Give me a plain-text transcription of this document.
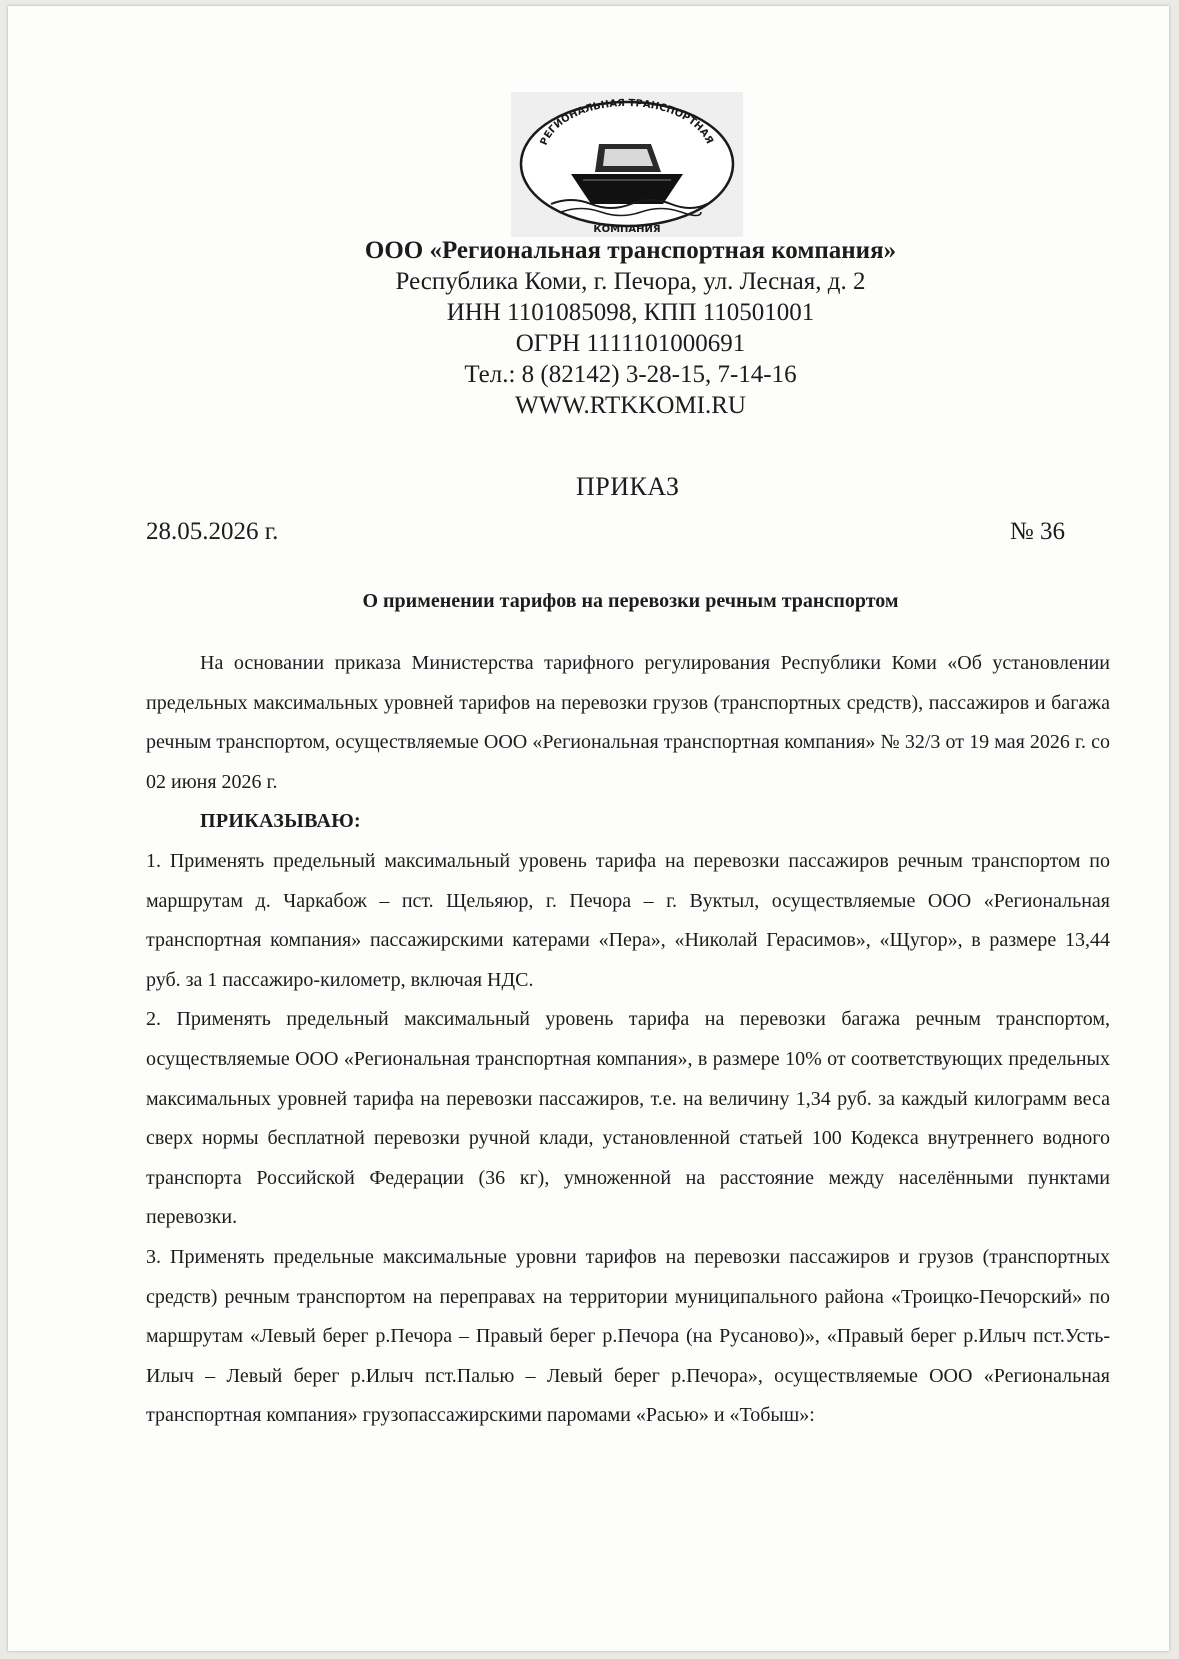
РЕГИОНАЛЬНАЯ ТРАНСПОРТНАЯ
КОМПАНИЯ
ООО «Региональная транспортная компания»
Республика Коми, г. Печора, ул. Лесная, д. 2
ИНН 1101085098, КПП 110501001
ОГРН 1111101000691
Тел.: 8 (82142) 3-28-15, 7-14-16
WWW.RTKKOMI.RU
ПРИКАЗ
28.05.2026 г.	№ 36
О применении тарифов на перевозки речным транспортом

На основании приказа Министерства тарифного регулирования Республики Коми «Об установлении предельных максимальных уровней тарифов на перевозки грузов (транспортных средств), пассажиров и багажа речным транспортом, осуществляемые ООО «Региональная транспортная компания» № 32/3 от 19 мая 2026 г. со 02 июня 2026 г.

ПРИКАЗЫВАЮ:

1. Применять предельный максимальный уровень тарифа на перевозки пассажиров речным транспортом по маршрутам д. Чаркабож – пст. Щельяюр, г. Печора – г. Вуктыл, осуществляемые ООО «Региональная транспортная компания» пассажирскими катерами «Пера», «Николай Герасимов», «Щугор», в размере 13,44 руб. за 1 пассажиро-километр, включая НДС.

2. Применять предельный максимальный уровень тарифа на перевозки багажа речным транспортом, осуществляемые ООО «Региональная транспортная компания», в размере 10% от соответствующих предельных максимальных уровней тарифа на перевозки пассажиров, т.е. на величину 1,34 руб. за каждый килограмм веса сверх нормы бесплатной перевозки ручной клади, установленной статьей 100 Кодекса внутреннего водного транспорта Российской Федерации (36 кг), умноженной на расстояние между населёнными пунктами перевозки.

3. Применять предельные максимальные уровни тарифов на перевозки пассажиров и грузов (транспортных средств) речным транспортом на переправах на территории муниципального района «Троицко-Печорский» по маршрутам «Левый берег р.Печора – Правый берег р.Печора (на Русаново)», «Правый берег р.Илыч пст.Усть-Илыч – Левый берег р.Илыч пст.Палью – Левый берег р.Печора», осуществляемые ООО «Региональная транспортная компания» грузопассажирскими паромами «Расью» и «Тобыш»:
